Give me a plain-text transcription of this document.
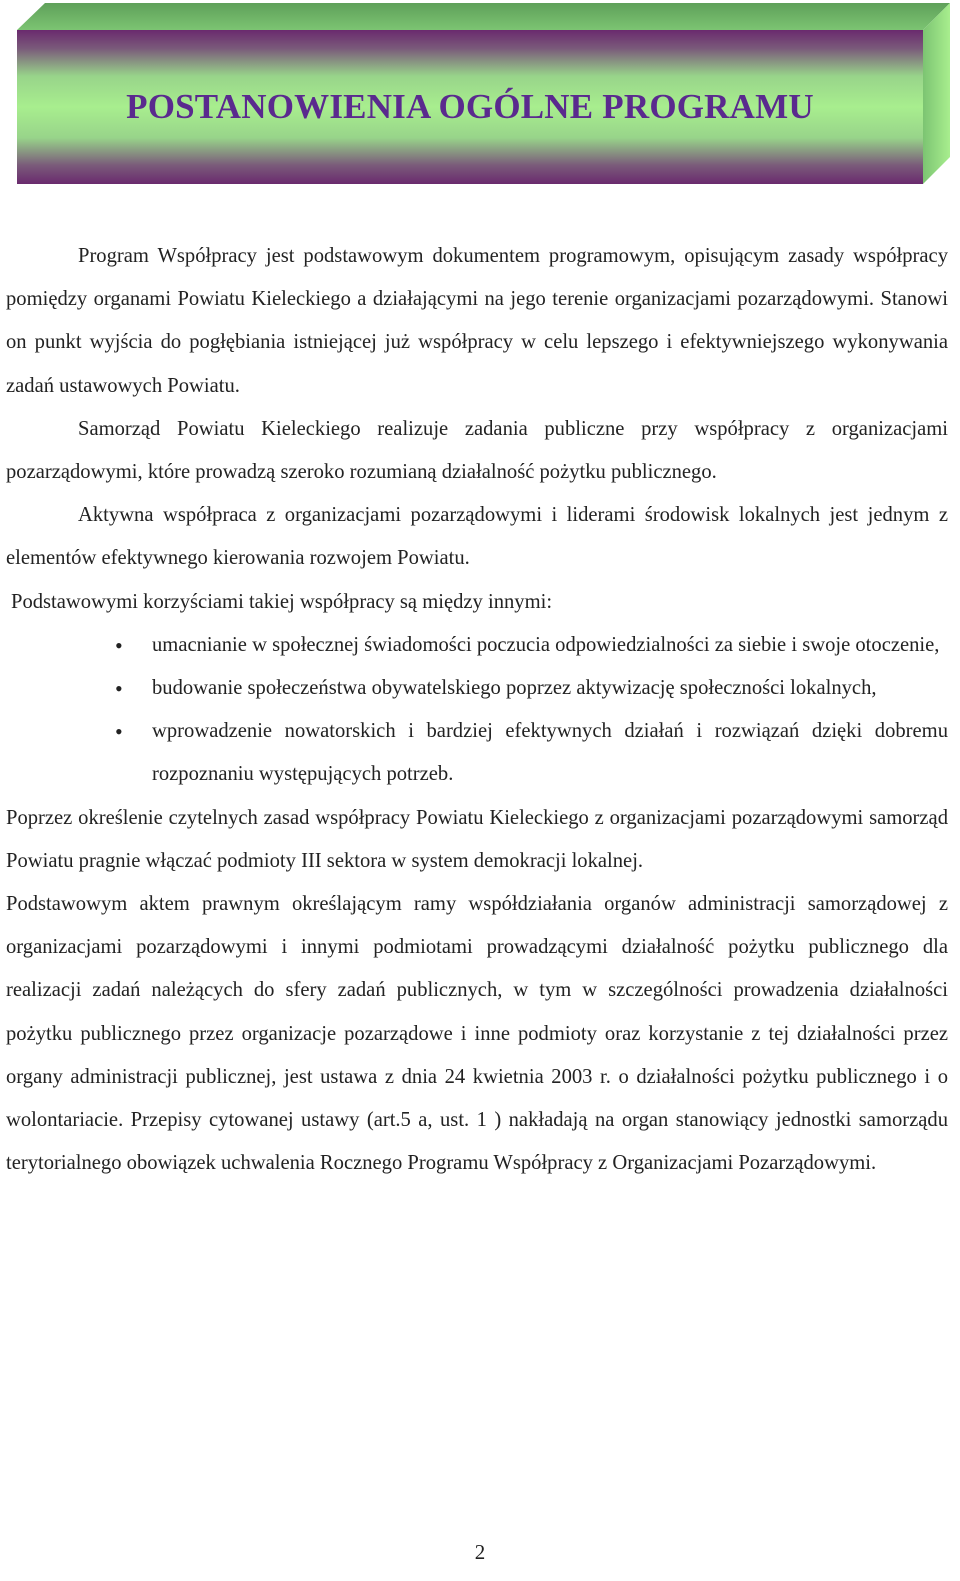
POSTANOWIENIA OGÓLNE PROGRAMU

Program Współpracy jest podstawowym dokumentem programowym, opisującym zasady współpracy pomiędzy organami Powiatu Kieleckiego a działającymi na jego terenie organizacjami pozarządowymi. Stanowi on punkt wyjścia do pogłębiania istniejącej już współpracy w celu lepszego i efektywniejszego wykonywania zadań ustawowych Powiatu.

Samorząd Powiatu Kieleckiego realizuje zadania publiczne przy współpracy z organizacjami pozarządowymi, które prowadzą szeroko rozumianą działalność pożytku publicznego.

Aktywna współpraca z organizacjami pozarządowymi i liderami środowisk lokalnych jest jednym z elementów efektywnego kierowania rozwojem Powiatu.

Podstawowymi korzyściami takiej współpracy są między innymi:

• umacnianie w społecznej świadomości poczucia odpowiedzialności za siebie i swoje otoczenie,
• budowanie społeczeństwa obywatelskiego poprzez aktywizację społeczności lokalnych,
• wprowadzenie nowatorskich i bardziej efektywnych działań i rozwiązań dzięki dobremu rozpoznaniu występujących potrzeb.

Poprzez określenie czytelnych zasad współpracy Powiatu Kieleckiego z organizacjami pozarządowymi samorząd Powiatu pragnie włączać podmioty III sektora w system demokracji lokalnej.

Podstawowym aktem prawnym określającym ramy współdziałania organów administracji samorządowej z organizacjami pozarządowymi i innymi podmiotami prowadzącymi działalność pożytku publicznego dla realizacji zadań należących do sfery zadań publicznych, w tym w szczególności prowadzenia działalności pożytku publicznego przez organizacje pozarządowe i inne podmioty oraz korzystanie z tej działalności przez organy administracji publicznej, jest ustawa z dnia 24 kwietnia 2003 r. o działalności pożytku publicznego i o wolontariacie. Przepisy cytowanej ustawy (art.5 a, ust. 1 ) nakładają na organ stanowiący jednostki samorządu terytorialnego obowiązek uchwalenia Rocznego Programu Współpracy z Organizacjami Pozarządowymi.

2
